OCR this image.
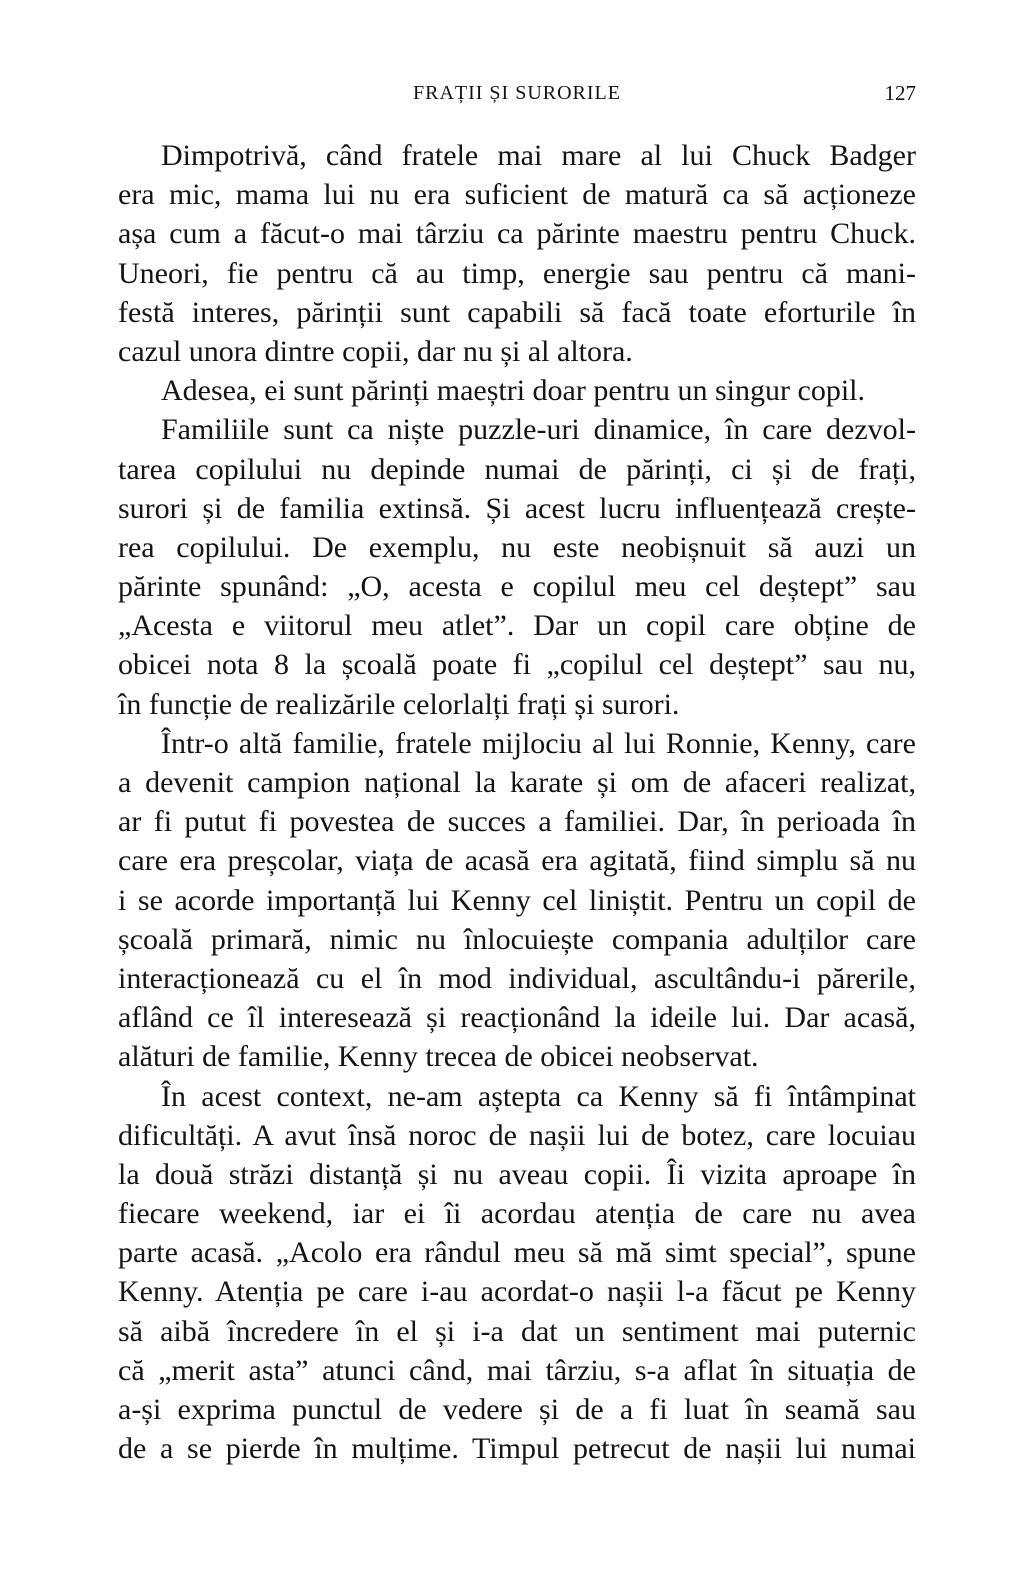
FRAȚII ȘI SURORILE	127
Dimpotrivă, când fratele mai mare al lui Chuck Badger
era mic, mama lui nu era suficient de matură ca să acționeze
așa cum a făcut-o mai târziu ca părinte maestru pentru Chuck.
Uneori, fie pentru că au timp, energie sau pentru că mani-
festă interes, părinții sunt capabili să facă toate eforturile în
cazul unora dintre copii, dar nu și al altora.
Adesea, ei sunt părinți maeștri doar pentru un singur copil.
Familiile sunt ca niște puzzle-uri dinamice, în care dezvol-
tarea copilului nu depinde numai de părinți, ci și de frați,
surori și de familia extinsă. Și acest lucru influențează crește-
rea copilului. De exemplu, nu este neobișnuit să auzi un
părinte spunând: „O, acesta e copilul meu cel deștept” sau
„Acesta e viitorul meu atlet”. Dar un copil care obține de
obicei nota 8 la școală poate fi „copilul cel deștept” sau nu,
în funcție de realizările celorlalți frați și surori.
Într-o altă familie, fratele mijlociu al lui Ronnie, Kenny, care
a devenit campion național la karate și om de afaceri realizat,
ar fi putut fi povestea de succes a familiei. Dar, în perioada în
care era preșcolar, viața de acasă era agitată, fiind simplu să nu
i se acorde importanță lui Kenny cel liniștit. Pentru un copil de
școală primară, nimic nu înlocuiește compania adulților care
interacționează cu el în mod individual, ascultându-i părerile,
aflând ce îl interesează și reacționând la ideile lui. Dar acasă,
alături de familie, Kenny trecea de obicei neobservat.
În acest context, ne-am aștepta ca Kenny să fi întâmpinat
dificultăți. A avut însă noroc de nașii lui de botez, care locuiau
la două străzi distanță și nu aveau copii. Îi vizita aproape în
fiecare weekend, iar ei îi acordau atenția de care nu avea
parte acasă. „Acolo era rândul meu să mă simt special”, spune
Kenny. Atenția pe care i-au acordat-o nașii l-a făcut pe Kenny
să aibă încredere în el și i-a dat un sentiment mai puternic
că „merit asta” atunci când, mai târziu, s-a aflat în situația de
a-și exprima punctul de vedere și de a fi luat în seamă sau
de a se pierde în mulțime. Timpul petrecut de nașii lui numai
